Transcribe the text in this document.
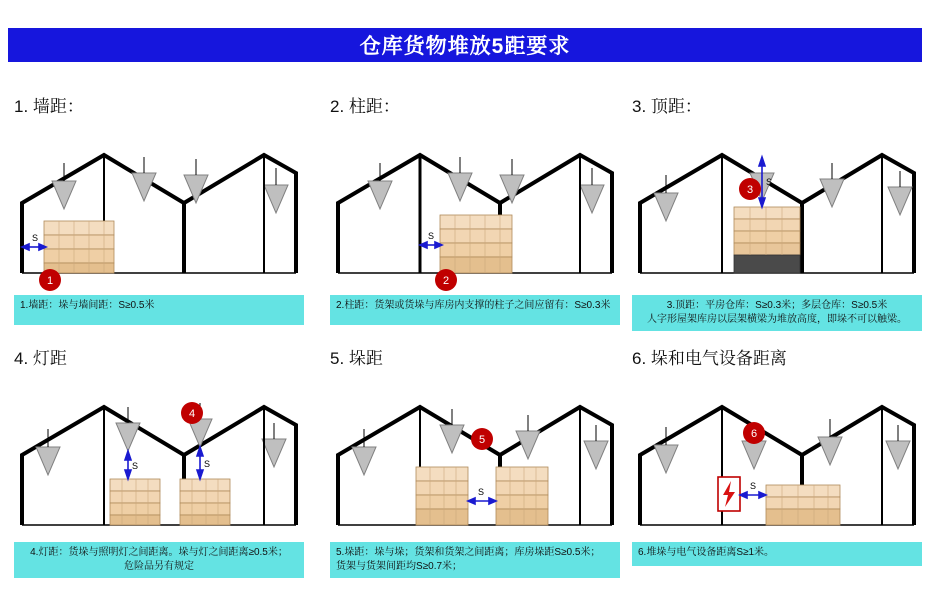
仓库货物堆放5距要求
1. 墙距：
S
1
1.墙距：垛与墙间距：S≥0.5米
2. 柱距：
S
2
2.柱距：货架或货垛与库房内支撑的柱子之间应留有：S≥0.3米
3. 顶距：
S
3
3.顶距：平房仓库：S≥0.3米；多层仓库：S≥0.5米
人字形屋架库房以层架横梁为堆放高度，即垛不可以触梁。
4. 灯距
S	S
4
4.灯距：货垛与照明灯之间距离。垛与灯之间距离≥0.5米；
危险品另有规定
5. 垛距
S
5
5.垛距：垛与垛；货架和货架之间距离；库房垛距S≥0.5米；
货架与货架间距均S≥0.7米；
6. 垛和电气设备距离
S
6
6.堆垛与电气设备距离S≥1米。
